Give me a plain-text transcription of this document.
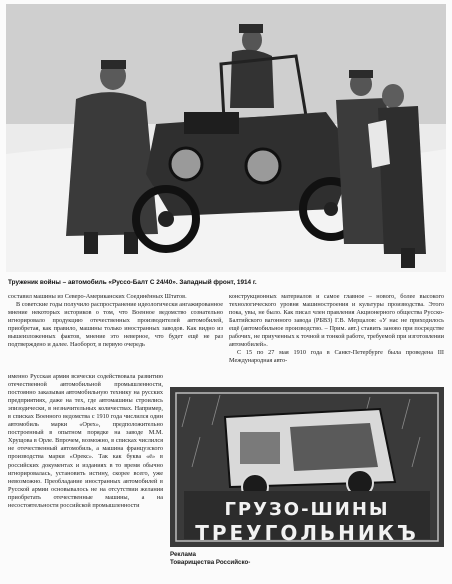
Труженик войны – автомобиль «Руссо-Балт С 24/40». Западный фронт, 1914 г.

составил машины из Северо-Американских Соединённых Штатов.

В советские годы получило распространение идеологически ангажированное мнение некоторых историков о том, что Военное ведомство сознательно игнорировало продукцию отечественных производителей автомобилей, приобретая, как правило, машины только иностранных заводов. Как видно из вышеизложенных фактов, мнение это неверное, что будет ещё не раз подтверждено и далее. Наоборот, в первую очередь

именно Русская армия всячески содействовала развитию отечественной автомобильной промышленности, постоянно заказывая автомобильную технику на русских предприятиях, даже на тех, где автомашины строились эпизодически, в незначительных количествах. Например, в списках Военного ведомства с 1910 года числился один автомобиль марки «Орех», предположительно построенный в опытном порядке на заводе М.М. Хрущова в Орле. Впрочем, возможно, в списках числился не отечественный автомобиль, а машина французского производства марки «Орекс». Так как буква «ё» в российских документах и изданиях в то время обычно игнорировалась, установить истину, скорее всего, уже невозможно. Преобладание иностранных автомобилей в Русской армии основывалось не на отсутствии желания приобретать отечественные машины, а на несостоятельности российской промышленности

конструкционных материалов и самое главное – нового, более высокого технологического уровня машиностроения и культуры производства. Этого пока, увы, не было. Как писал член правления Акционерного общества Русско-Балтийского вагонного завода (РБВЗ) Г.В. Мерцалов: «У нас не приходилось ещё (автомобильное производство. – Прим. авт.) ставить заново при посредстве рабочих, не приученных к точной и тонкой работе, требуемой при изготовлении автомобилей».

С 15 по 27 мая 1910 года в Санкт-Петербурге была проведена III Международная авто-

ГРУЗО-ШИНЫ
ТРЕУГОЛЬНИКЪ
Реклама
Товарищества Российско-
